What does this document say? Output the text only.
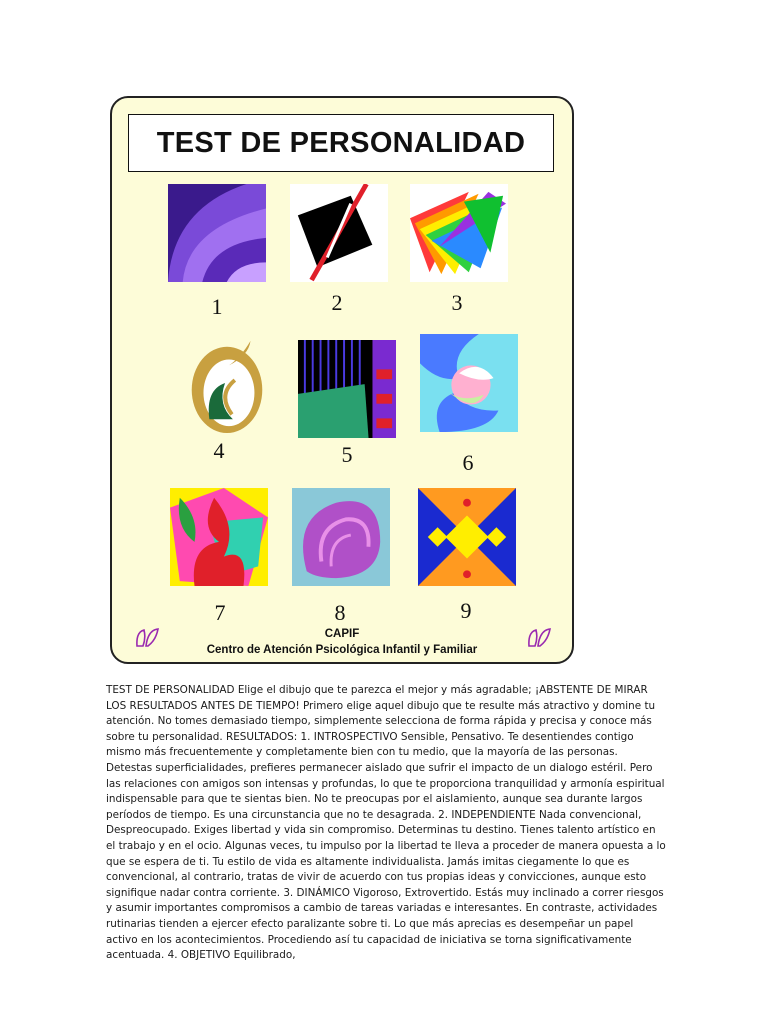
TEST DE PERSONALIDAD
1	2	3
4	5	6
7	8	9
CAPIF
Centro de Atención Psicológica Infantil y Familiar

TEST DE PERSONALIDAD Elige el dibujo que te parezca el mejor y más agradable; ¡ABSTENTE DE MIRAR LOS RESULTADOS ANTES DE TIEMPO! Primero elige aquel dibujo que te resulte más atractivo y domine tu atención. No tomes demasiado tiempo, simplemente selecciona de forma rápida y precisa y conoce más sobre tu personalidad. RESULTADOS: 1. INTROSPECTIVO Sensible, Pensativo. Te desentiendes contigo mismo más frecuentemente y completamente bien con tu medio, que la mayoría de las personas. Detestas superficialidades, prefieres permanecer aislado que sufrir el impacto de un dialogo estéril. Pero las relaciones con amigos son intensas y profundas, lo que te proporciona tranquilidad y armonía espiritual indispensable para que te sientas bien. No te preocupas por el aislamiento, aunque sea durante largos períodos de tiempo. Es una circunstancia que no te desagrada. 2. INDEPENDIENTE Nada convencional, Despreocupado. Exiges libertad y vida sin compromiso. Determinas tu destino. Tienes talento artístico en el trabajo y en el ocio. Algunas veces, tu impulso por la libertad te lleva a proceder de manera opuesta a lo que se espera de ti. Tu estilo de vida es altamente individualista. Jamás imitas ciegamente lo que es convencional, al contrario, tratas de vivir de acuerdo con tus propias ideas y convicciones, aunque esto signifique nadar contra corriente. 3. DINÁMICO Vigoroso, Extrovertido. Estás muy inclinado a correr riesgos y asumir importantes compromisos a cambio de tareas variadas e interesantes. En contraste, actividades rutinarias tienden a ejercer efecto paralizante sobre ti. Lo que más aprecias es desempeñar un papel activo en los acontecimientos. Procediendo así tu capacidad de iniciativa se torna significativamente acentuada. 4. OBJETIVO Equilibrado,
